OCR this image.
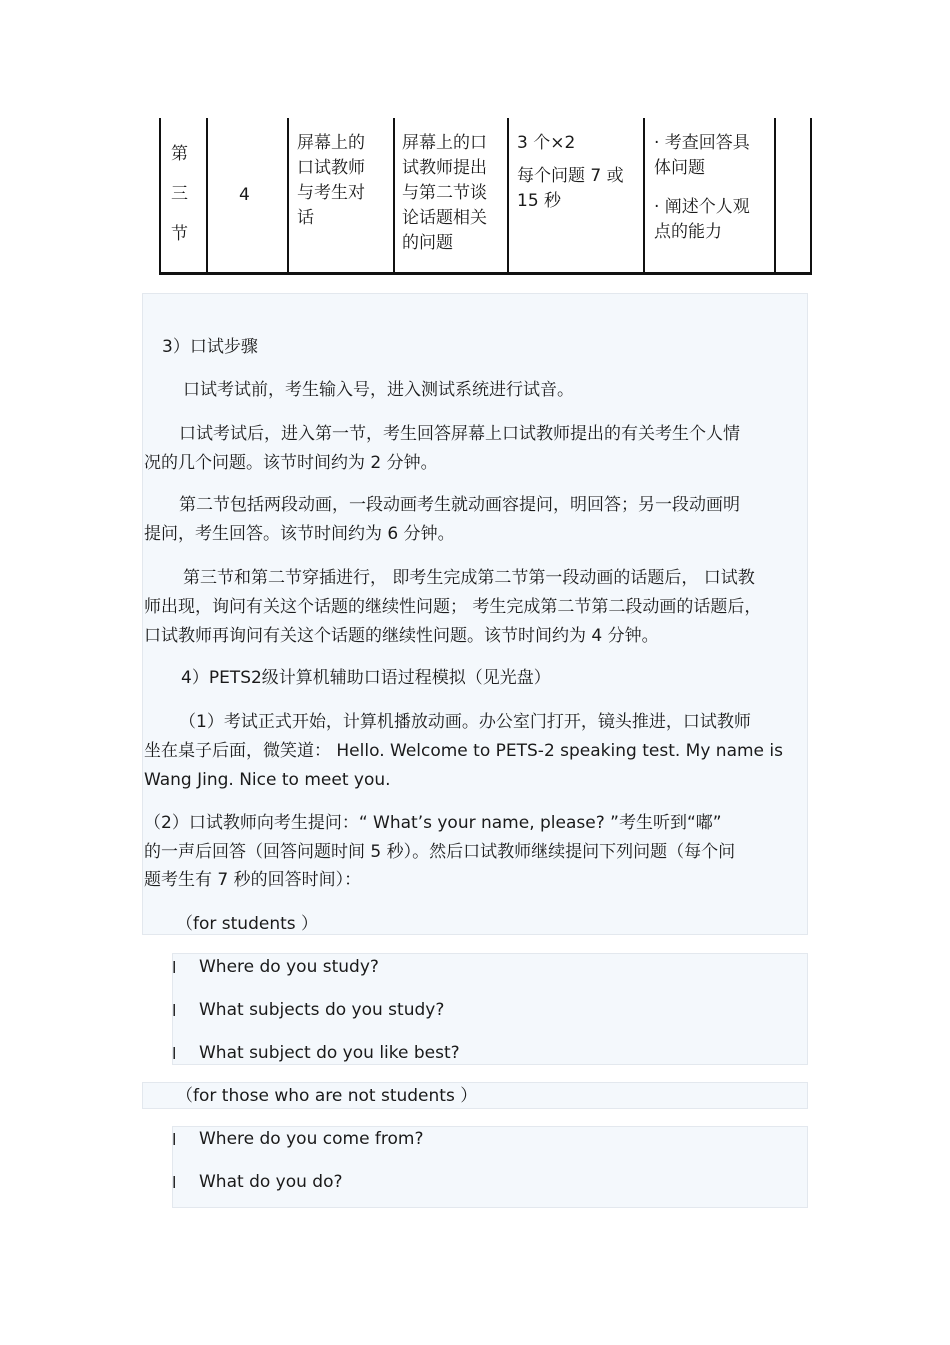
第
三
节
4
屏幕上的
口试教师
与考生对
话
屏幕上的口
试教师提出
与第二节谈
论话题相关
的问题
3 个×2
每个问题 7 或
15 秒
· 考查回答具
体问题
· 阐述个人观
点的能力
3）口试步骤
口试考试前，考生输入号，进入测试系统进行试音。
口试考试后，进入第一节，考生回答屏幕上口试教师提出的有关考生个人情
况的几个问题。该节时间约为 2 分钟。
第二节包括两段动画，一段动画考生就动画容提问，明回答；另一段动画明
提问，考生回答。该节时间约为 6 分钟。
第三节和第二节穿插进行， 即考生完成第二节第一段动画的话题后， 口试教
师出现，询问有关这个话题的继续性问题； 考生完成第二节第二段动画的话题后，
口试教师再询问有关这个话题的继续性问题。该节时间约为 4 分钟。
4）PETS2级计算机辅助口语过程模拟（见光盘）
（1）考试正式开始，计算机播放动画。办公室门打开，镜头推进，口试教师
坐在桌子后面，微笑道： Hello. Welcome to PETS-2 speaking test. My name is
Wang Jing. Nice to meet you.
（2）口试教师向考生提问：“ What’s your name, please? ”考生听到“嘟”
的一声后回答（回答问题时间 5 秒）。然后口试教师继续提问下列问题（每个问
题考生有 7 秒的回答时间）：
（for students ）
l Where do you study?
l What subjects do you study?
l What subject do you like best?
（for those who are not students ）
l Where do you come from?
l What do you do?
